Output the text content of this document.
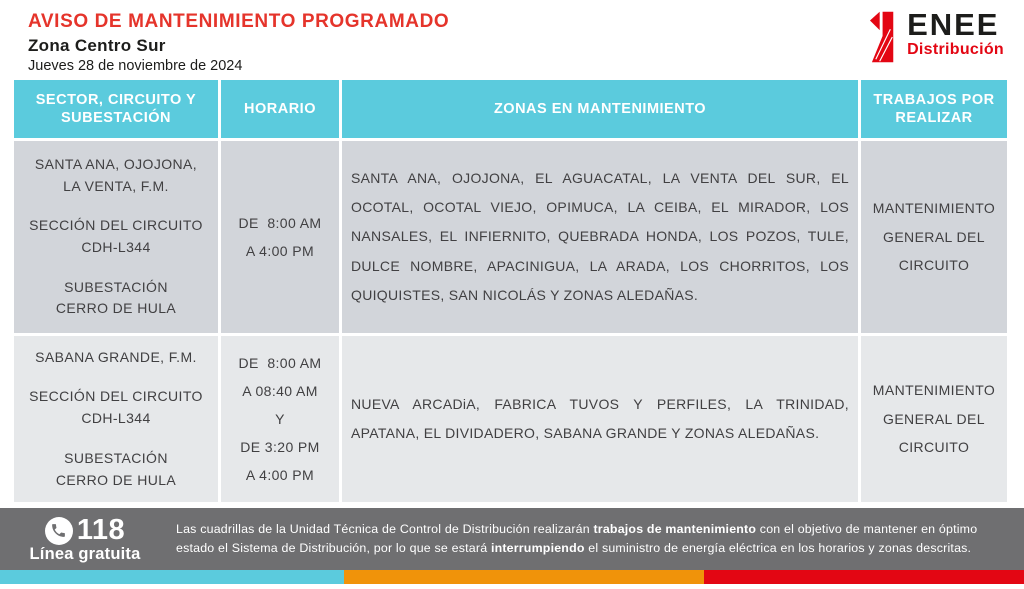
AVISO DE MANTENIMIENTO PROGRAMADO
Zona Centro Sur
Jueves 28 de noviembre de 2024
ENEE
Distribución
SECTOR, CIRCUITO Y SUBESTACIÓN
HORARIO	ZONAS EN MANTENIMIENTO
TRABAJOS POR REALIZAR
SANTA ANA, OJOJONA,
LA VENTA, F.M.
SECCIÓN DEL CIRCUITO
CDH-L344
SUBESTACIÓN
CERRO DE HULA
DE  8:00 AM
A 4:00 PM

SANTA ANA, OJOJONA, EL AGUACATAL, LA VENTA DEL SUR, EL OCOTAL, OCOTAL VIEJO, OPIMUCA, LA CEIBA, EL MIRADOR, LOS NANSALES, EL INFIERNITO, QUEBRADA HONDA, LOS POZOS, TULE, DULCE NOMBRE, APACINIGUA, LA ARADA, LOS CHORRITOS, LOS QUIQUISTES, SAN NICOLÁS Y ZONAS ALEDAÑAS.

MANTENIMIENTO
GENERAL DEL
CIRCUITO
SABANA GRANDE, F.M.
SECCIÓN DEL CIRCUITO
CDH-L344
SUBESTACIÓN
CERRO DE HULA
DE  8:00 AM
A 08:40 AM
Y
DE 3:20 PM
A 4:00 PM

NUEVA ARCADiA, FABRICA TUVOS Y PERFILES, LA TRINIDAD, APATANA, EL DIVIDADERO, SABANA GRANDE Y ZONAS ALEDAÑAS.

MANTENIMIENTO
GENERAL DEL
CIRCUITO
118
Línea gratuita

Las cuadrillas de la Unidad Técnica de Control de Distribución realizarán trabajos de mantenimiento con el objetivo de mantener en óptimo estado el Sistema de Distribución, por lo que se estará interrumpiendo el suministro de energía eléctrica en los horarios y zonas descritas.
